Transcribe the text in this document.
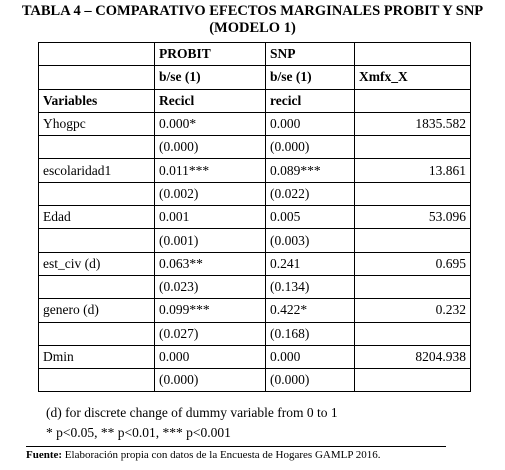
TABLA 4 – COMPARATIVO EFECTOS MARGINALES PROBIT Y SNP
(MODELO 1)
	PROBIT	SNP	
	b/se (1)	b/se (1)	Xmfx_X
Variables	Recicl	recicl	
Yhogpc	0.000*	0.000	1835.582
	(0.000)	(0.000)	
escolaridad1	0.011***	0.089***	13.861
	(0.002)	(0.022)	
Edad	0.001	0.005	53.096
	(0.001)	(0.003)	
est_civ (d)	0.063**	0.241	0.695
	(0.023)	(0.134)	
genero (d)	0.099***	0.422*	0.232
	(0.027)	(0.168)	
Dmin	0.000	0.000	8204.938
	(0.000)	(0.000)	
(d) for discrete change of dummy variable from 0 to 1
* p<0.05, ** p<0.01, *** p<0.001
Fuente: Elaboración propia con datos de la Encuesta de Hogares GAMLP 2016.
